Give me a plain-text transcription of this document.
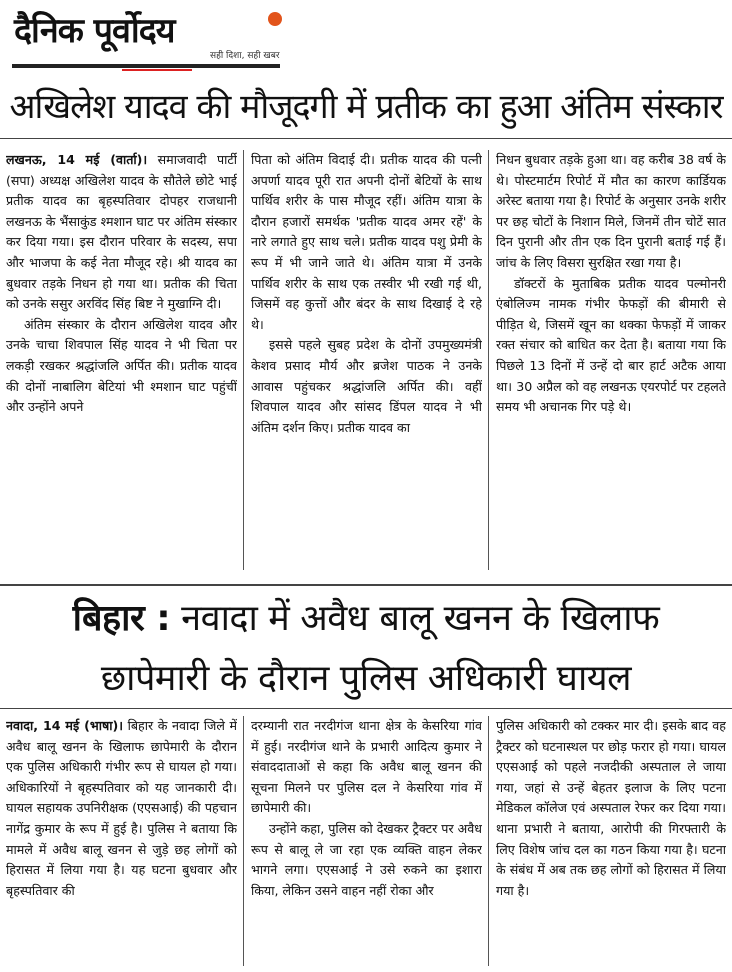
दैनिक पूर्वोदय
सही दिशा, सही खबर
अखिलेश यादव की मौजूदगी में प्रतीक का हुआ अंतिम संस्कार

लखनऊ, 14 मई (वार्ता)। समाजवादी पार्टी (सपा) अध्यक्ष अखिलेश यादव के सौतेले छोटे भाई प्रतीक यादव का बृहस्पतिवार दोपहर राजधानी लखनऊ के भैंसाकुंड श्मशान घाट पर अंतिम संस्कार कर दिया गया। इस दौरान परिवार के सदस्य, सपा और भाजपा के कई नेता मौजूद रहे। श्री यादव का बुधवार तड़के निधन हो गया था। प्रतीक की चिता को उनके ससुर अरविंद सिंह बिष्ट ने मुखाग्नि दी।

अंतिम संस्कार के दौरान अखिलेश यादव और उनके चाचा शिवपाल सिंह यादव ने भी चिता पर लकड़ी रखकर श्रद्धांजलि अर्पित की। प्रतीक यादव की दोनों नाबालिग बेटियां भी श्मशान घाट पहुंचीं और उन्होंने अपने

पिता को अंतिम विदाई दी। प्रतीक यादव की पत्नी अपर्णा यादव पूरी रात अपनी दोनों बेटियों के साथ पार्थिव शरीर के पास मौजूद रहीं। अंतिम यात्रा के दौरान हजारों समर्थक 'प्रतीक यादव अमर रहें' के नारे लगाते हुए साथ चले। प्रतीक यादव पशु प्रेमी के रूप में भी जाने जाते थे। अंतिम यात्रा में उनके पार्थिव शरीर के साथ एक तस्वीर भी रखी गई थी, जिसमें वह कुत्तों और बंदर के साथ दिखाई दे रहे थे।

इससे पहले सुबह प्रदेश के दोनों उपमुख्यमंत्री केशव प्रसाद मौर्य और ब्रजेश पाठक ने उनके आवास पहुंचकर श्रद्धांजलि अर्पित की। वहीं शिवपाल यादव और सांसद डिंपल यादव ने भी अंतिम दर्शन किए। प्रतीक यादव का

निधन बुधवार तड़के हुआ था। वह करीब 38 वर्ष के थे। पोस्टमार्टम रिपोर्ट में मौत का कारण कार्डियक अरेस्ट बताया गया है। रिपोर्ट के अनुसार उनके शरीर पर छह चोटों के निशान मिले, जिनमें तीन चोटें सात दिन पुरानी और तीन एक दिन पुरानी बताई गई हैं। जांच के लिए विसरा सुरक्षित रखा गया है।

डॉक्टरों के मुताबिक प्रतीक यादव पल्मोनरी एंबोलिज्म नामक गंभीर फेफड़ों की बीमारी से पीड़ित थे, जिसमें खून का थक्का फेफड़ों में जाकर रक्त संचार को बाधित कर देता है। बताया गया कि पिछले 13 दिनों में उन्हें दो बार हार्ट अटैक आया था। 30 अप्रैल को वह लखनऊ एयरपोर्ट पर टहलते समय भी अचानक गिर पड़े थे।

बिहार : नवादा में अवैध बालू खनन के खिलाफ
छापेमारी के दौरान पुलिस अधिकारी घायल

नवादा, 14 मई (भाषा)। बिहार के नवादा जिले में अवैध बालू खनन के खिलाफ छापेमारी के दौरान एक पुलिस अधिकारी गंभीर रूप से घायल हो गया। अधिकारियों ने बृहस्पतिवार को यह जानकारी दी। घायल सहायक उपनिरीक्षक (एएसआई) की पहचान नागेंद्र कुमार के रूप में हुई है। पुलिस ने बताया कि मामले में अवैध बालू खनन से जुड़े छह लोगों को हिरासत में लिया गया है। यह घटना बुधवार और बृहस्पतिवार की

दरम्यानी रात नरदीगंज थाना क्षेत्र के केसरिया गांव में हुई। नरदीगंज थाने के प्रभारी आदित्य कुमार ने संवाददाताओं से कहा कि अवैध बालू खनन की सूचना मिलने पर पुलिस दल ने केसरिया गांव में छापेमारी की।

उन्होंने कहा, पुलिस को देखकर ट्रैक्टर पर अवैध रूप से बालू ले जा रहा एक व्यक्ति वाहन लेकर भागने लगा। एएसआई ने उसे रुकने का इशारा किया, लेकिन उसने वाहन नहीं रोका और

पुलिस अधिकारी को टक्कर मार दी। इसके बाद वह ट्रैक्टर को घटनास्थल पर छोड़ फरार हो गया। घायल एएसआई को पहले नजदीकी अस्पताल ले जाया गया, जहां से उन्हें बेहतर इलाज के लिए पटना मेडिकल कॉलेज एवं अस्पताल रेफर कर दिया गया। थाना प्रभारी ने बताया, आरोपी की गिरफ्तारी के लिए विशेष जांच दल का गठन किया गया है। घटना के संबंध में अब तक छह लोगों को हिरासत में लिया गया है।
